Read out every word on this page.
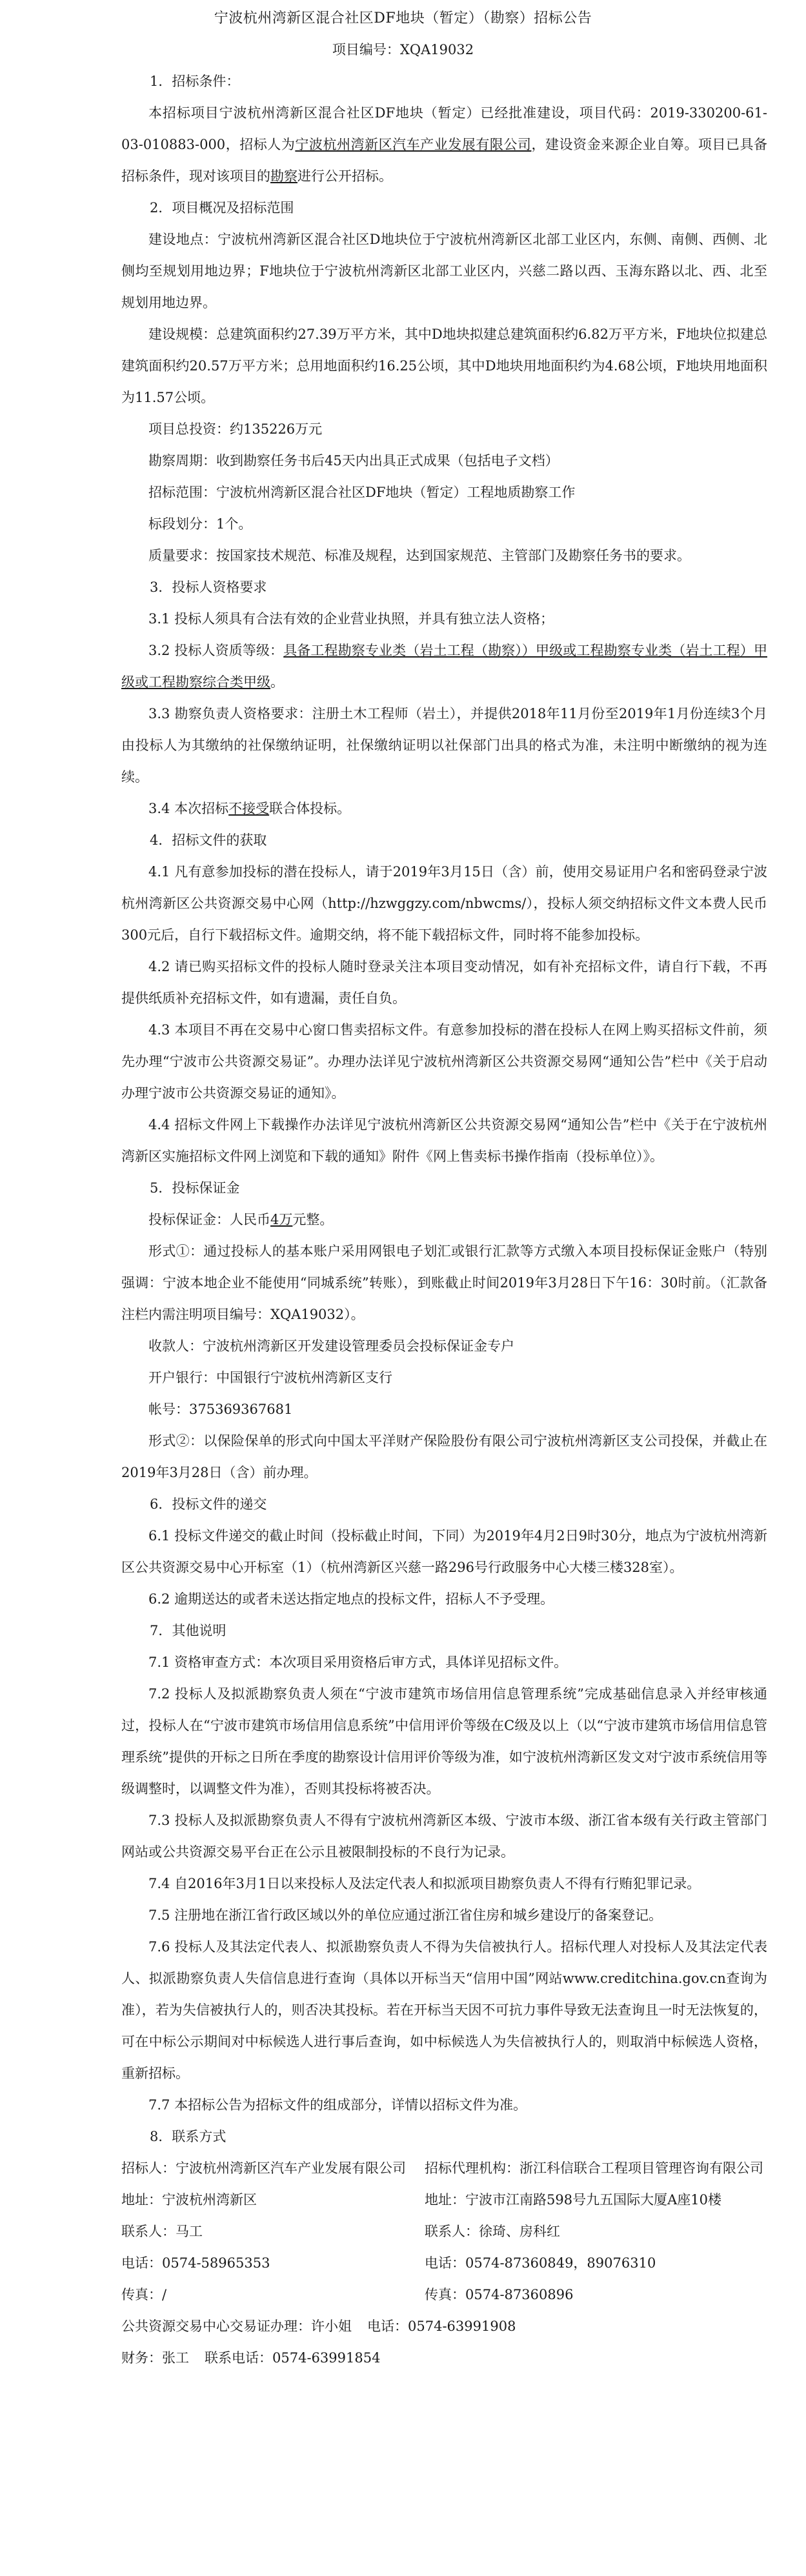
宁波杭州湾新区混合社区DF地块（暂定）（勘察）招标公告

项目编号：XQA19032

1．招标条件：

本招标项目宁波杭州湾新区混合社区DF地块（暂定）已经批准建设，项目代码：2019-330200-61-03-010883-000，招标人为宁波杭州湾新区汽车产业发展有限公司，建设资金来源企业自筹。项目已具备招标条件，现对该项目的勘察进行公开招标。

2．项目概况及招标范围

建设地点：宁波杭州湾新区混合社区D地块位于宁波杭州湾新区北部工业区内，东侧、南侧、西侧、北侧均至规划用地边界；F地块位于宁波杭州湾新区北部工业区内，兴慈二路以西、玉海东路以北、西、北至规划用地边界。

建设规模：总建筑面积约27.39万平方米，其中D地块拟建总建筑面积约6.82万平方米，F地块位拟建总建筑面积约20.57万平方米；总用地面积约16.25公顷，其中D地块用地面积约为4.68公顷，F地块用地面积为11.57公顷。

项目总投资：约135226万元

勘察周期：收到勘察任务书后45天内出具正式成果（包括电子文档）

招标范围：宁波杭州湾新区混合社区DF地块（暂定）工程地质勘察工作

标段划分：1个。

质量要求：按国家技术规范、标准及规程，达到国家规范、主管部门及勘察任务书的要求。

3．投标人资格要求

3.1 投标人须具有合法有效的企业营业执照，并具有独立法人资格；

3.2 投标人资质等级：具备工程勘察专业类（岩土工程（勘察））甲级或工程勘察专业类（岩土工程）甲级或工程勘察综合类甲级。

3.3 勘察负责人资格要求：注册土木工程师（岩土），并提供2018年11月份至2019年1月份连续3个月由投标人为其缴纳的社保缴纳证明，社保缴纳证明以社保部门出具的格式为准，未注明中断缴纳的视为连续。

3.4 本次招标不接受联合体投标。

4．招标文件的获取

4.1 凡有意参加投标的潜在投标人，请于2019年3月15日（含）前，使用交易证用户名和密码登录宁波杭州湾新区公共资源交易中心网（http://hzwggzy.com/nbwcms/），投标人须交纳招标文件文本费人民币300元后，自行下载招标文件。逾期交纳，将不能下载招标文件，同时将不能参加投标。

4.2 请已购买招标文件的投标人随时登录关注本项目变动情况，如有补充招标文件，请自行下载，不再提供纸质补充招标文件，如有遗漏，责任自负。

4.3 本项目不再在交易中心窗口售卖招标文件。有意参加投标的潜在投标人在网上购买招标文件前，须先办理“宁波市公共资源交易证”。办理办法详见宁波杭州湾新区公共资源交易网“通知公告”栏中《关于启动办理宁波市公共资源交易证的通知》。

4.4 招标文件网上下载操作办法详见宁波杭州湾新区公共资源交易网“通知公告”栏中《关于在宁波杭州湾新区实施招标文件网上浏览和下载的通知》附件《网上售卖标书操作指南（投标单位）》。

5．投标保证金

投标保证金：人民币4万元整。

形式①：通过投标人的基本账户采用网银电子划汇或银行汇款等方式缴入本项目投标保证金账户（特别强调：宁波本地企业不能使用“同城系统”转账），到账截止时间2019年3月28日下午16：30时前。（汇款备注栏内需注明项目编号：XQA19032）。

收款人：宁波杭州湾新区开发建设管理委员会投标保证金专户

开户银行：中国银行宁波杭州湾新区支行

帐号：375369367681

形式②：以保险保单的形式向中国太平洋财产保险股份有限公司宁波杭州湾新区支公司投保，并截止在2019年3月28日（含）前办理。

6．投标文件的递交

6.1 投标文件递交的截止时间（投标截止时间，下同）为2019年4月2日9时30分，地点为宁波杭州湾新区公共资源交易中心开标室（1）（杭州湾新区兴慈一路296号行政服务中心大楼三楼328室）。

6.2 逾期送达的或者未送达指定地点的投标文件，招标人不予受理。

7．其他说明

7.1 资格审查方式：本次项目采用资格后审方式，具体详见招标文件。

7.2 投标人及拟派勘察负责人须在“宁波市建筑市场信用信息管理系统”完成基础信息录入并经审核通过，投标人在“宁波市建筑市场信用信息系统”中信用评价等级在C级及以上（以“宁波市建筑市场信用信息管理系统”提供的开标之日所在季度的勘察设计信用评价等级为准，如宁波杭州湾新区发文对宁波市系统信用等级调整时，以调整文件为准），否则其投标将被否决。

7.3 投标人及拟派勘察负责人不得有宁波杭州湾新区本级、宁波市本级、浙江省本级有关行政主管部门网站或公共资源交易平台正在公示且被限制投标的不良行为记录。

7.4 自2016年3月1日以来投标人及法定代表人和拟派项目勘察负责人不得有行贿犯罪记录。

7.5 注册地在浙江省行政区域以外的单位应通过浙江省住房和城乡建设厅的备案登记。

7.6 投标人及其法定代表人、拟派勘察负责人不得为失信被执行人。招标代理人对投标人及其法定代表人、拟派勘察负责人失信信息进行查询（具体以开标当天“信用中国”网站www.creditchina.gov.cn查询为准），若为失信被执行人的，则否决其投标。若在开标当天因不可抗力事件导致无法查询且一时无法恢复的，可在中标公示期间对中标候选人进行事后查询，如中标候选人为失信被执行人的，则取消中标候选人资格，重新招标。

7.7 本招标公告为招标文件的组成部分，详情以招标文件为准。

8．联系方式

招标人：宁波杭州湾新区汽车产业发展有限公司	招标代理机构：浙江科信联合工程项目管理咨询有限公司
地址：宁波杭州湾新区	地址：宁波市江南路598号九五国际大厦A座10楼
联系人：马工	联系人：徐琦、房科红
电话：0574-58965353	电话：0574-87360849，89076310
传真：/	传真：0574-87360896

公共资源交易中心交易证办理：许小姐 电话：0574-63991908

财务：张工 联系电话：0574-63991854
